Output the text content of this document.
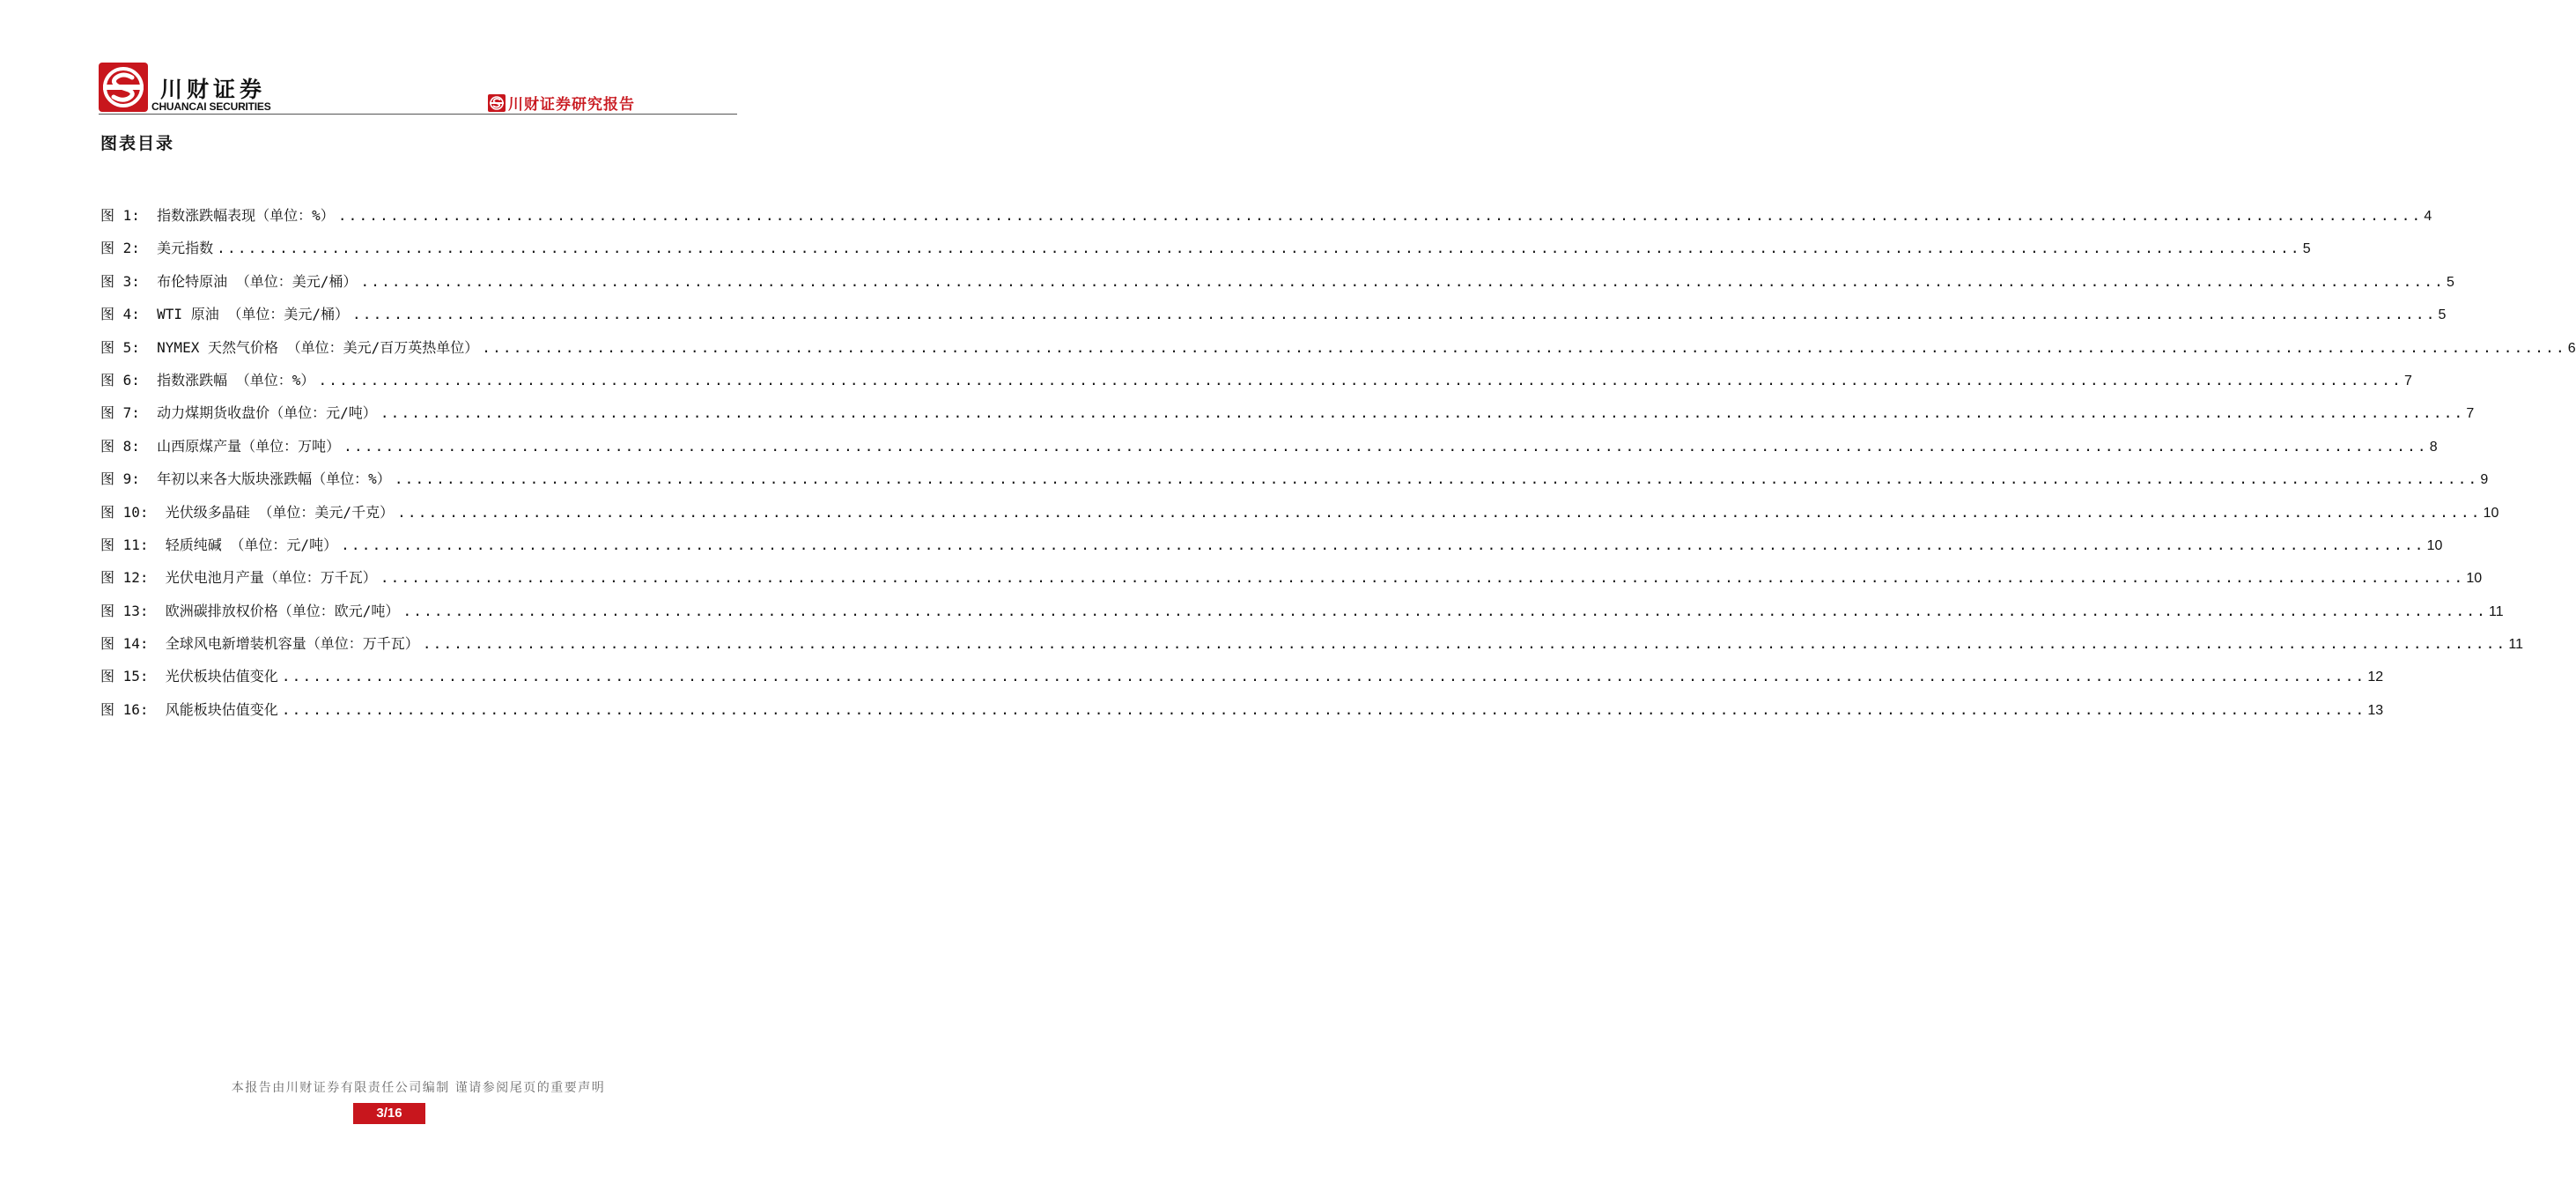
川财证券
CHUANCAI SECURITIES	川财证券研究报告
图表目录
图 1:  指数涨跌幅表现（单位：%） ........................................................................................................................................................................................................ 4
图 2:  美元指数 ........................................................................................................................................................................................................ 5
图 3:  布伦特原油 （单位：美元/桶） ........................................................................................................................................................................................................ 5
图 4:  WTI 原油 （单位：美元/桶） ........................................................................................................................................................................................................ 5
图 5:  NYMEX 天然气价格 （单位：美元/百万英热单位） ........................................................................................................................................................................................................ 6
图 6:  指数涨跌幅 （单位：%） ........................................................................................................................................................................................................ 7
图 7:  动力煤期货收盘价（单位：元/吨） ........................................................................................................................................................................................................ 7
图 8:  山西原煤产量（单位：万吨） ........................................................................................................................................................................................................ 8
图 9:  年初以来各大版块涨跌幅（单位：%） ........................................................................................................................................................................................................ 9
图 10:  光伏级多晶硅 （单位：美元/千克） ........................................................................................................................................................................................................ 10
图 11:  轻质纯碱 （单位：元/吨） ........................................................................................................................................................................................................ 10
图 12:  光伏电池月产量（单位：万千瓦） ........................................................................................................................................................................................................ 10
图 13:  欧洲碳排放权价格（单位：欧元/吨） ........................................................................................................................................................................................................ 11
图 14:  全球风电新增装机容量（单位：万千瓦） ........................................................................................................................................................................................................ 11
图 15:  光伏板块估值变化 ........................................................................................................................................................................................................ 12
图 16:  风能板块估值变化 ........................................................................................................................................................................................................ 13
本报告由川财证券有限责任公司编制 谨请参阅尾页的重要声明
3/16
